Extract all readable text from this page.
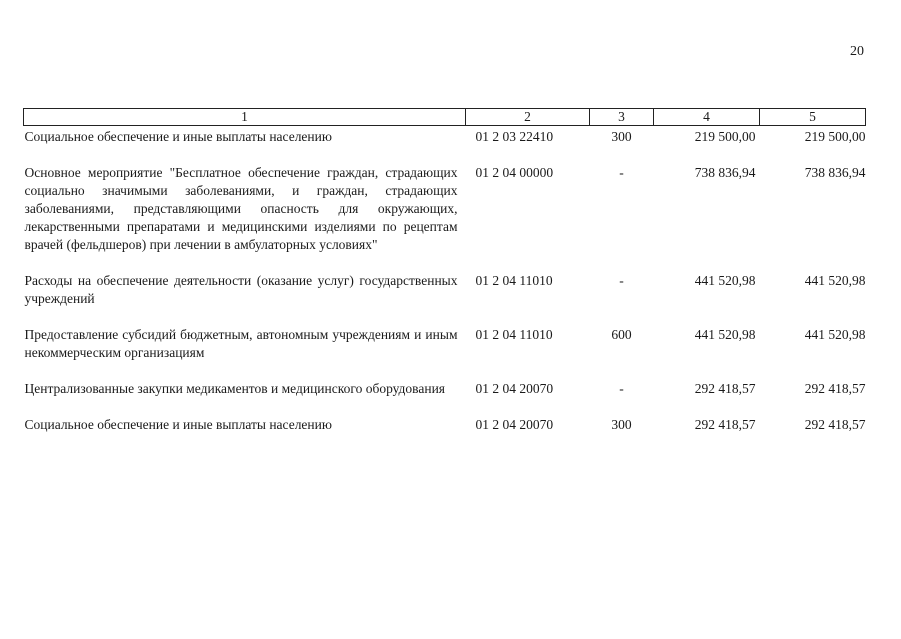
20
1	2	3	4	5
Социальное обеспечение и иные выплаты населению	01 2 03 22410	300	219 500,00	219 500,00
Основное мероприятие "Бесплатное обеспечение граждан, страдающих социально значимыми заболеваниями, и граждан, страдающих заболеваниями, представляющими опасность для окружающих, лекарственными препаратами и медицинскими изделиями по рецептам врачей (фельдшеров) при лечении в амбулаторных условиях"	01 2 04 00000	-	738 836,94	738 836,94
Расходы на обеспечение деятельности (оказание услуг) государственных учреждений	01 2 04 11010	-	441 520,98	441 520,98
Предоставление субсидий бюджетным, автономным учреждениям и иным некоммерческим организациям	01 2 04 11010	600	441 520,98	441 520,98
Централизованные закупки медикаментов и медицинского оборудования	01 2 04 20070	-	292 418,57	292 418,57
Социальное обеспечение и иные выплаты населению	01 2 04 20070	300	292 418,57	292 418,57
